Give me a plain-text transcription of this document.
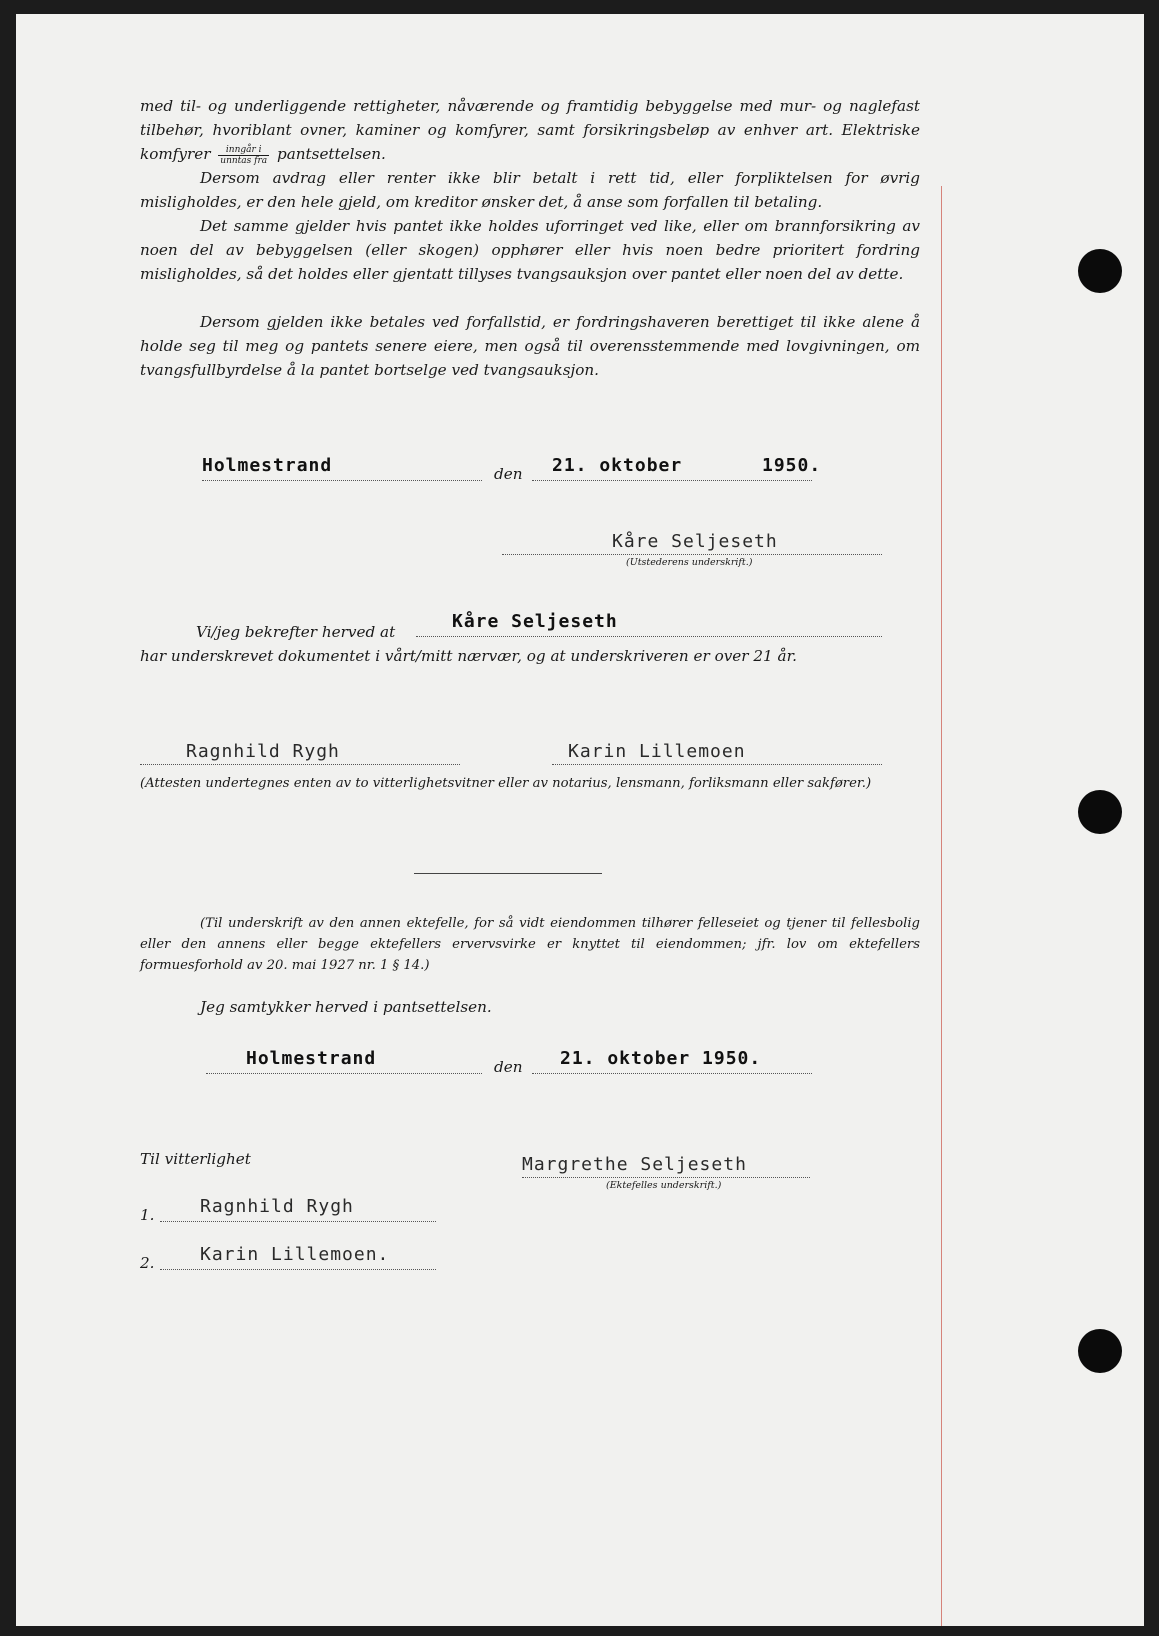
med til- og underliggende rettigheter, nåværende og framtidig bebyggelse med mur- og naglefast tilbehør, hvoriblant ovner, kaminer og komfyrer, samt forsikringsbeløp av enhver art. Elektriske komfyrer $\frac{\text{inngår i}}{\text{unntas fra}}$ pantsettelsen.
Dersom avdrag eller renter ikke blir betalt i rett tid, eller forpliktelsen for øvrig misligholdes, er den hele gjeld, om kreditor ønsker det, å anse som forfallen til betaling.
Det samme gjelder hvis pantet ikke holdes uforringet ved like, eller om brannforsikring av noen del av bebyggelsen (eller skogen) opphører eller hvis noen bedre prioritert fordring misligholdes, så det holdes eller gjentatt tillyses tvangsauksjon over pantet eller noen del av dette.
Dersom gjelden ikke betales ved forfallstid, er fordringshaveren berettiget til ikke alene å holde seg til meg og pantets senere eiere, men også til overensstemmende med lovgivningen, om tvangsfullbyrdelse å la pantet bortselge ved tvangsauksjon.
Holmestrand	den 21. oktober	1950.
Kåre Seljeseth
(Utstederens underskrift.)
Vi/jeg bekrefter herved at	Kåre Seljeseth
har underskrevet dokumentet i vårt/mitt nærvær, og at underskriveren er over 21 år.
Ragnhild Rygh	Karin Lillemoen
(Attesten undertegnes enten av to vitterlighetsvitner eller av notarius, lensmann, forliksmann eller sakfører.)
(Til underskrift av den annen ektefelle, for så vidt eiendommen tilhører felleseiet og tjener til fellesbolig eller den annens eller begge ektefellers ervervsvirke er knyttet til eiendommen; jfr. lov om ektefellers formuesforhold av 20. mai 1927 nr. 1 § 14.)
Jeg samtykker herved i pantsettelsen.
Holmestrand	den 21. oktober 1950.
Til vitterlighet	Margrethe Seljeseth
(Ektefelles underskrift.)
1.	Ragnhild Rygh
2.	Karin Lillemoen.
